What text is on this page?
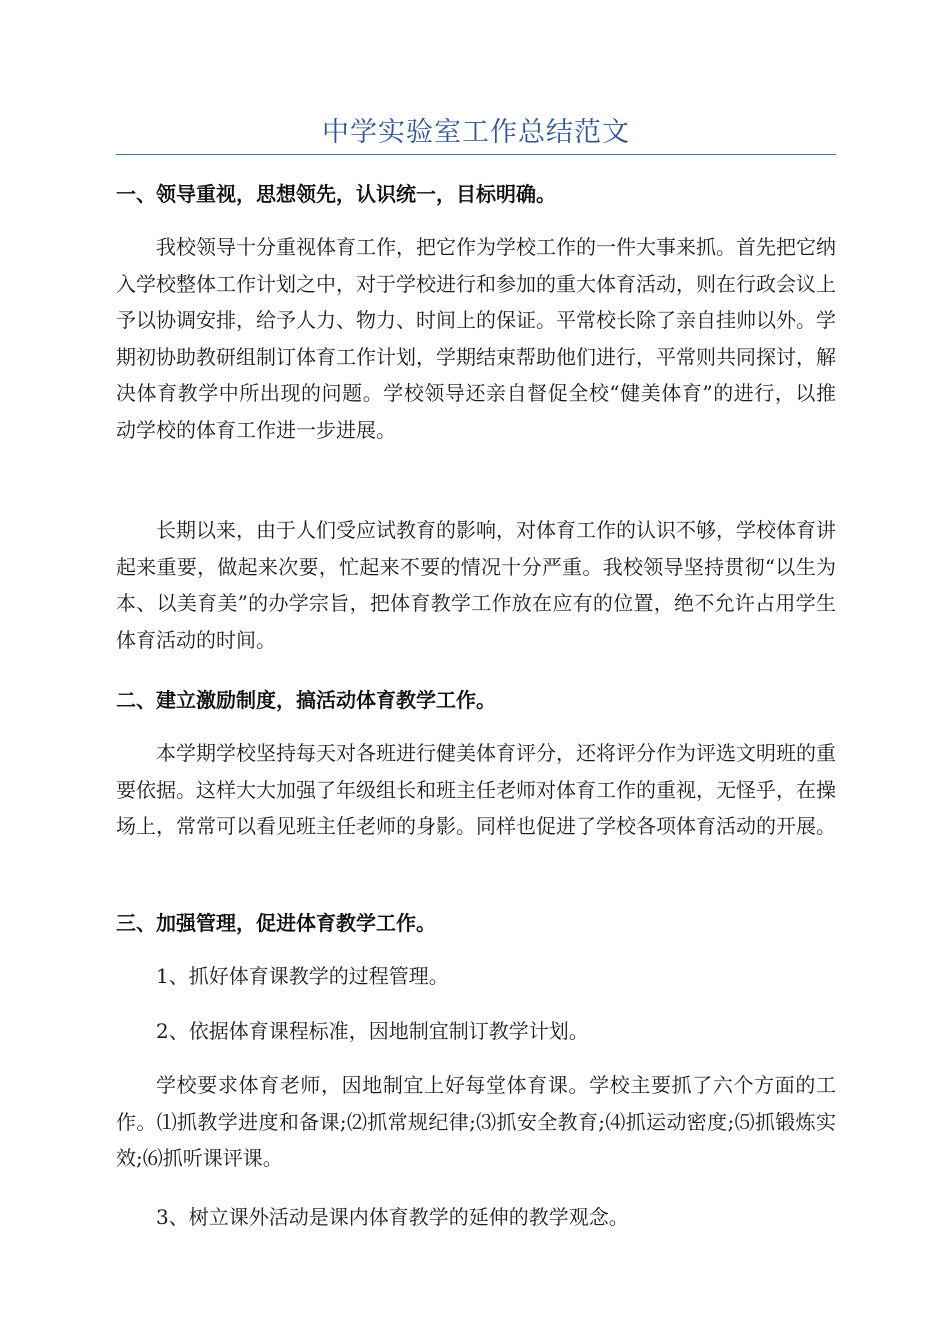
中学实验室工作总结范文
一、领导重视，思想领先，认识统一，目标明确。

我校领导十分重视体育工作，把它作为学校工作的一件大事来抓。首先把它纳入学校整体工作计划之中，对于学校进行和参加的重大体育活动，则在行政会议上予以协调安排，给予人力、物力、时间上的保证。平常校长除了亲自挂帅以外。学期初协助教研组制订体育工作计划，学期结束帮助他们进行，平常则共同探讨，解决体育教学中所出现的问题。学校领导还亲自督促全校“健美体育”的进行，以推动学校的体育工作进一步进展。

长期以来，由于人们受应试教育的影响，对体育工作的认识不够，学校体育讲起来重要，做起来次要，忙起来不要的情况十分严重。我校领导坚持贯彻“以生为本、以美育美”的办学宗旨，把体育教学工作放在应有的位置，绝不允许占用学生体育活动的时间。

二、建立激励制度，搞活动体育教学工作。

本学期学校坚持每天对各班进行健美体育评分，还将评分作为评选文明班的重要依据。这样大大加强了年级组长和班主任老师对体育工作的重视，无怪乎，在操场上，常常可以看见班主任老师的身影。同样也促进了学校各项体育活动的开展。

三、加强管理，促进体育教学工作。
1、抓好体育课教学的过程管理。
2、依据体育课程标准，因地制宜制订教学计划。

学校要求体育老师，因地制宜上好每堂体育课。学校主要抓了六个方面的工作。⑴抓教学进度和备课;⑵抓常规纪律;⑶抓安全教育;⑷抓运动密度;⑸抓锻炼实效;⑹抓听课评课。

3、树立课外活动是课内体育教学的延伸的教学观念。
